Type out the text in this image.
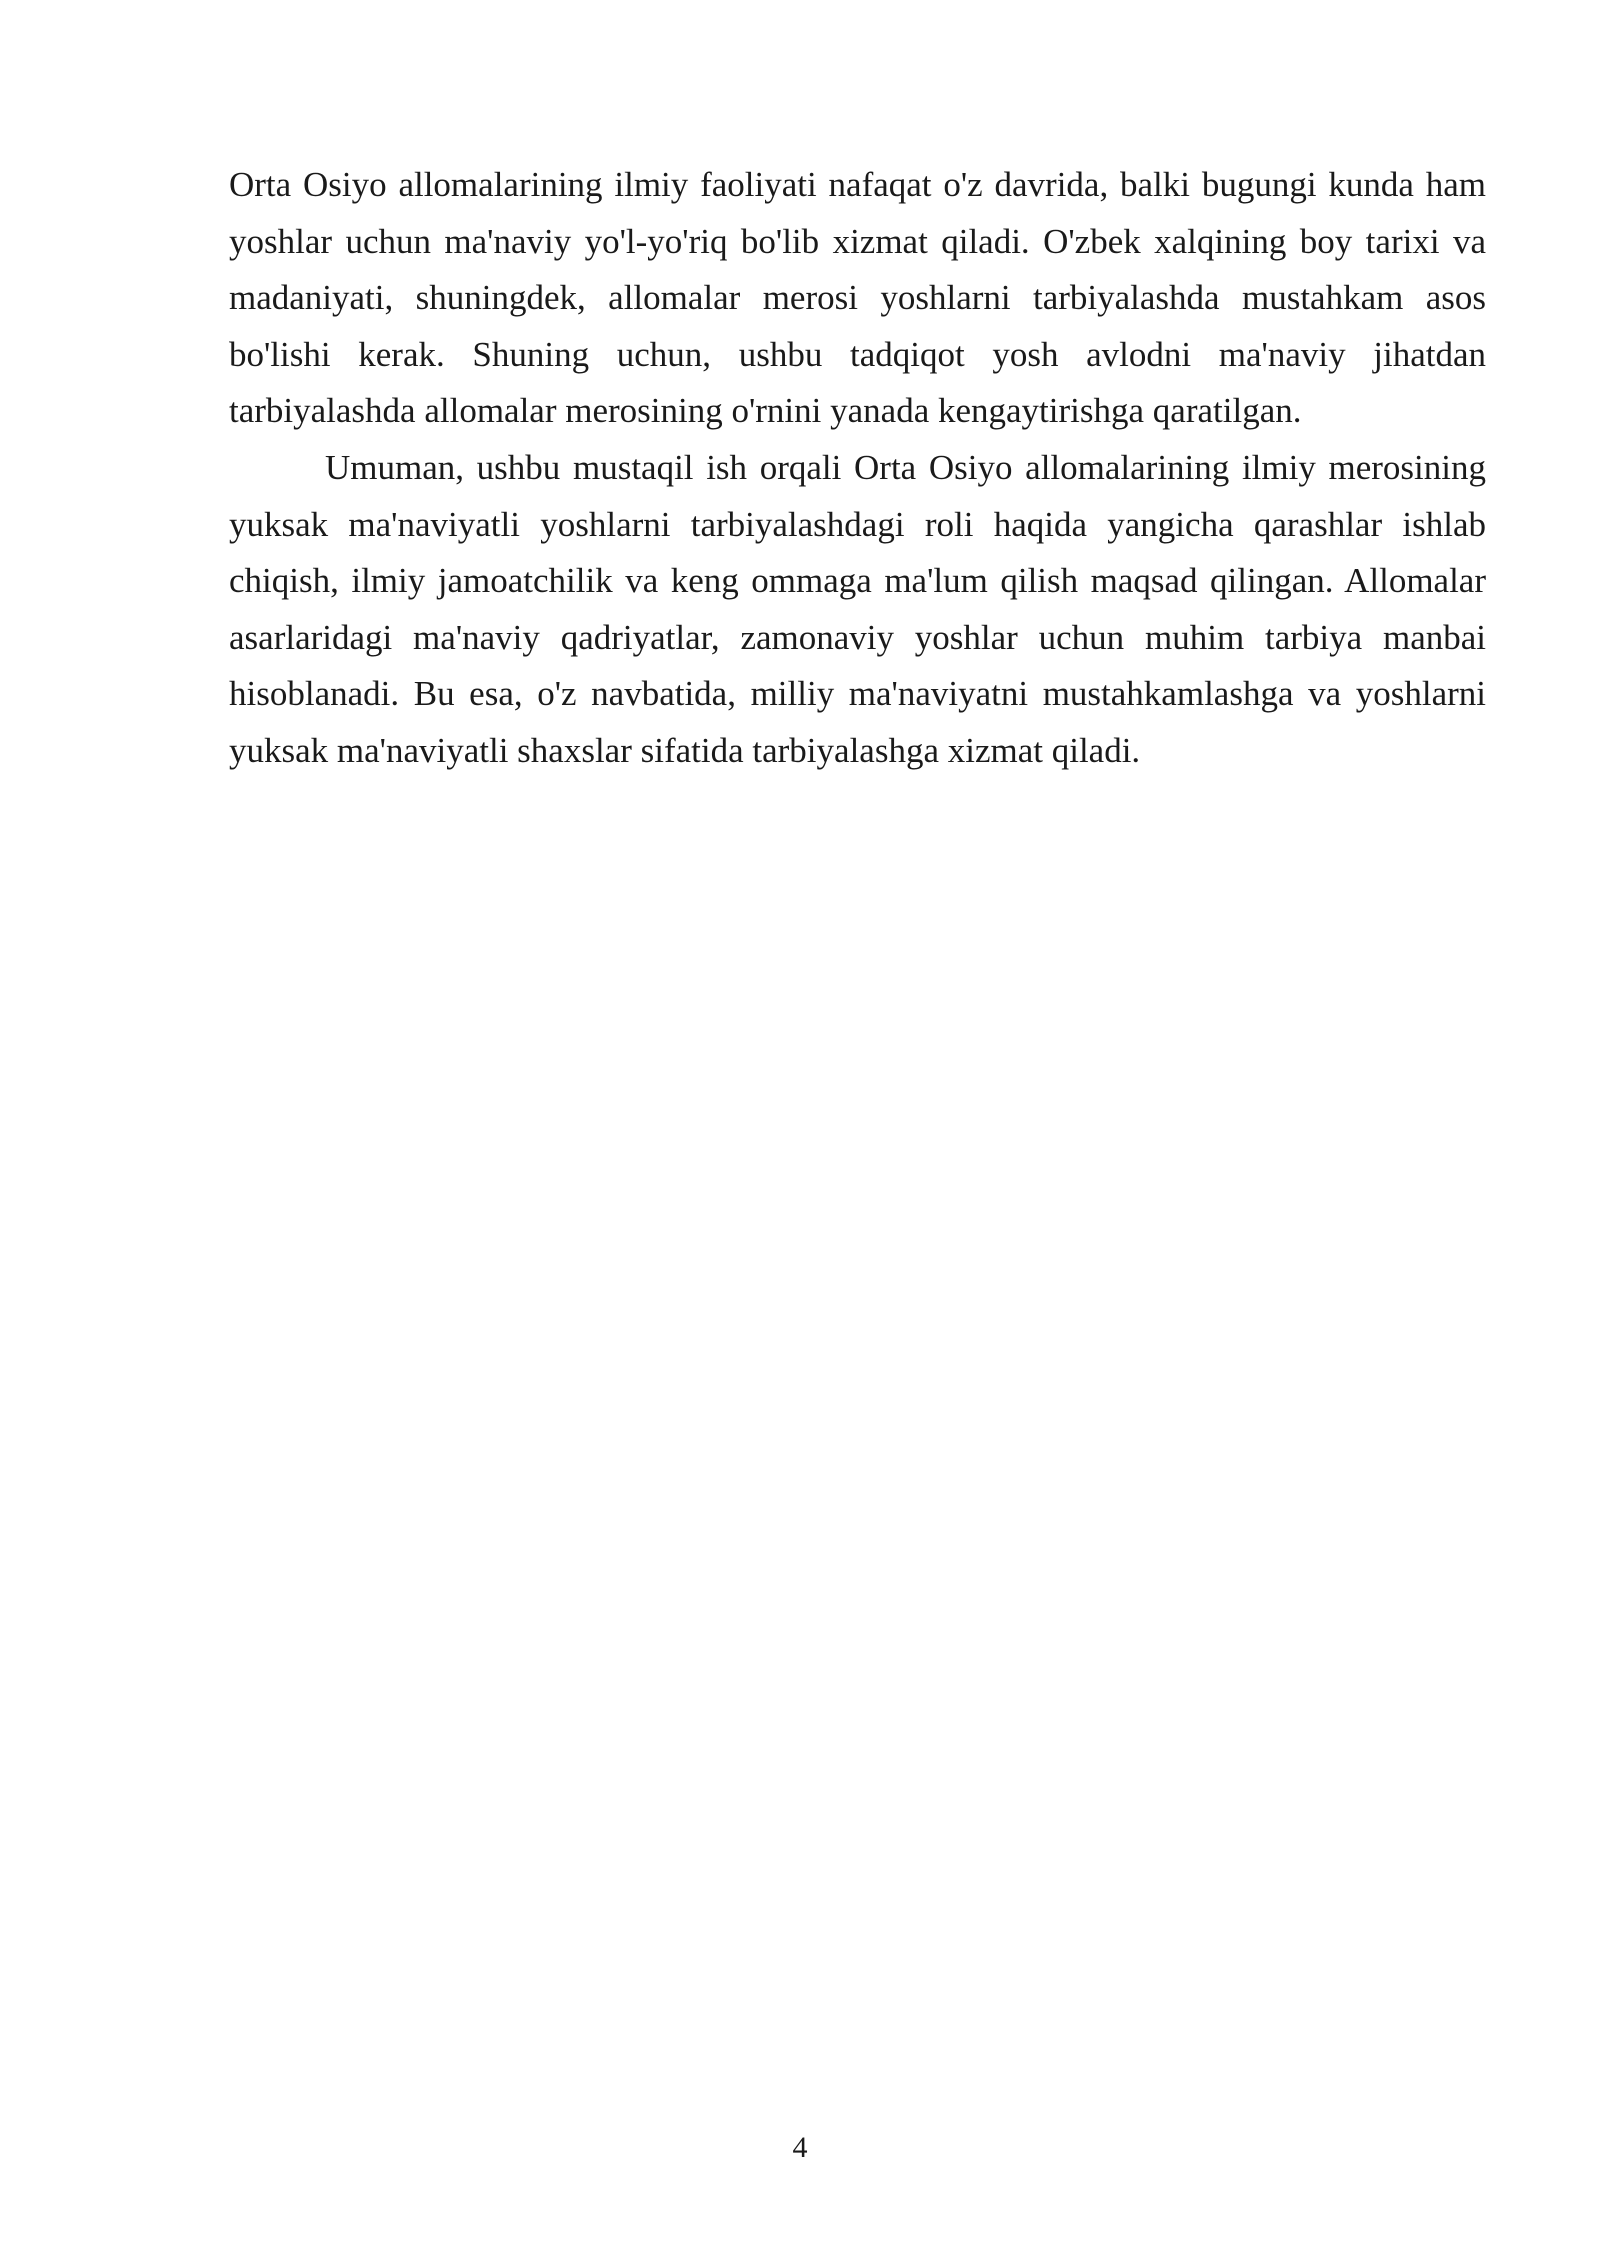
Orta Osiyo allomalarining ilmiy faoliyati nafaqat o'z davrida, balki bugungi kunda ham yoshlar uchun ma'naviy yo'l-yo'riq bo'lib xizmat qiladi. O'zbek xalqining boy tarixi va madaniyati, shuningdek, allomalar merosi yoshlarni tarbiyalashda mustahkam asos bo'lishi kerak. Shuning uchun, ushbu tadqiqot yosh avlodni ma'naviy jihatdan tarbiyalashda allomalar merosining o'rnini yanada kengaytirishga qaratilgan.

Umuman, ushbu mustaqil ish orqali Orta Osiyo allomalarining ilmiy merosining yuksak ma'naviyatli yoshlarni tarbiyalashdagi roli haqida yangicha qarashlar ishlab chiqish, ilmiy jamoatchilik va keng ommaga ma'lum qilish maqsad qilingan. Allomalar asarlaridagi ma'naviy qadriyatlar, zamonaviy yoshlar uchun muhim tarbiya manbai hisoblanadi. Bu esa, o'z navbatida, milliy ma'naviyatni mustahkamlashga va yoshlarni yuksak ma'naviyatli shaxslar sifatida tarbiyalashga xizmat qiladi.

4
